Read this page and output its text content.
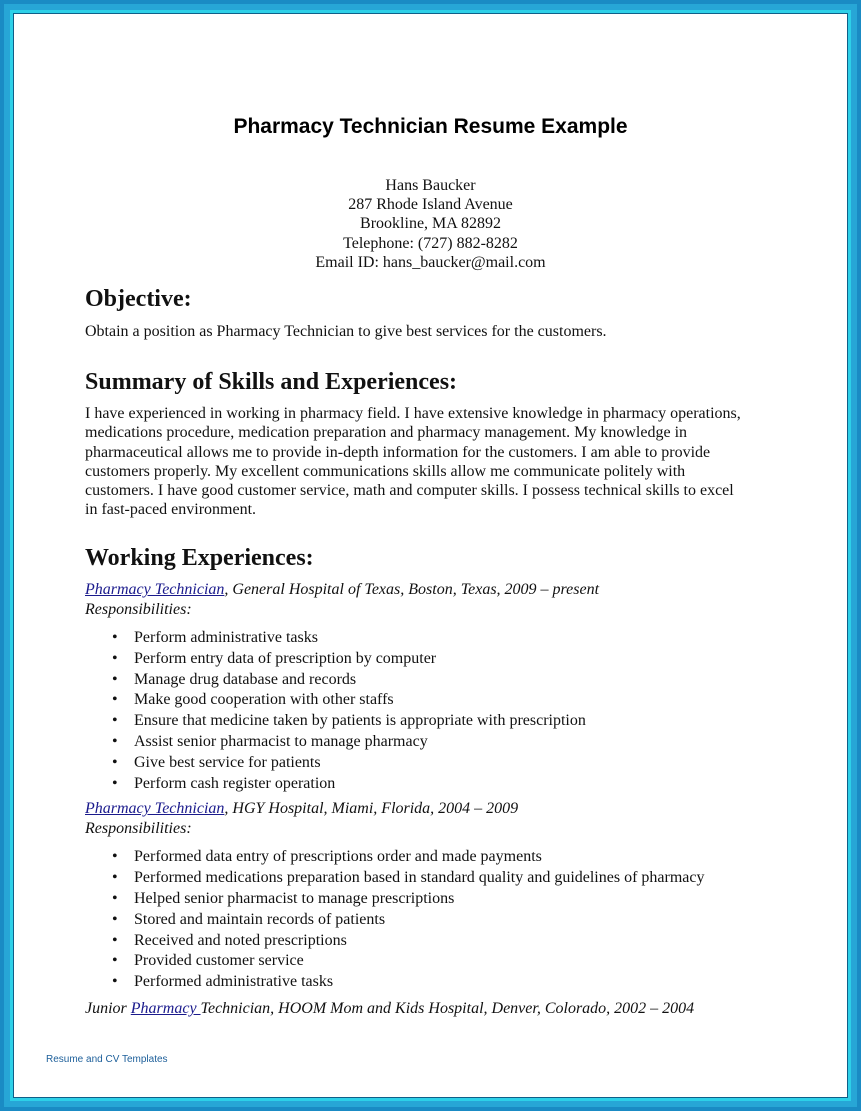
Pharmacy Technician Resume Example
Hans Baucker
287 Rhode Island Avenue
Brookline, MA 82892
Telephone: (727) 882-8282
Email ID: hans_baucker@mail.com
Objective:

Obtain a position as Pharmacy Technician to give best services for the customers.

Summary of Skills and Experiences:
I have experienced in working in pharmacy field. I have extensive knowledge in pharmacy operations,
medications procedure, medication preparation and pharmacy management. My knowledge in
pharmaceutical allows me to provide in-depth information for the customers. I am able to provide
customers properly. My excellent communications skills allow me communicate politely with
customers. I have good customer service, math and computer skills. I possess technical skills to excel
in fast-paced environment.
Working Experiences:
Pharmacy Technician, General Hospital of Texas, Boston, Texas, 2009 – present
Responsibilities:
• Perform administrative tasks
• Perform entry data of prescription by computer
• Manage drug database and records
• Make good cooperation with other staffs
• Ensure that medicine taken by patients is appropriate with prescription
• Assist senior pharmacist to manage pharmacy
• Give best service for patients
• Perform cash register operation
Pharmacy Technician, HGY Hospital, Miami, Florida, 2004 – 2009
Responsibilities:
• Performed data entry of prescriptions order and made payments
• Performed medications preparation based in standard quality and guidelines of pharmacy
• Helped senior pharmacist to manage prescriptions
• Stored and maintain records of patients
• Received and noted prescriptions
• Provided customer service
• Performed administrative tasks
Junior Pharmacy Technician, HOOM Mom and Kids Hospital, Denver, Colorado, 2002 – 2004
Resume and CV Templates
